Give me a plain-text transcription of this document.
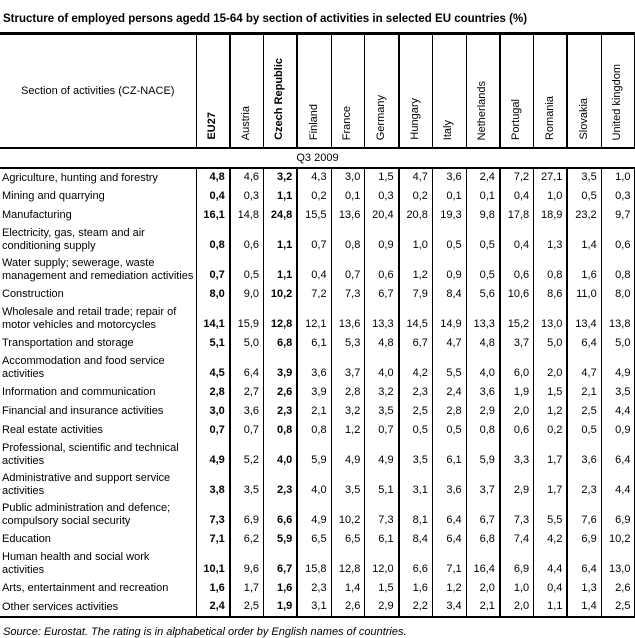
Structure of employed persons agedd 15-64 by section of activities in selected EU countries (%)
Section of activities (CZ-NACE)	EU27	Austria	Czech Republic	Finland	France	Germany	Hungary	Italy	Netherlands	Portugal	Romania	Slovakia	United kingdom
Q3 2009													
Agriculture, hunting and forestry	4,8	4,6	3,2	4,3	3,0	1,5	4,7	3,6	2,4	7,2	27,1	3,5	1,0
Mining and quarrying	0,4	0,3	1,1	0,2	0,1	0,3	0,2	0,1	0,1	0,4	1,0	0,5	0,3
Manufacturing	16,1	14,8	24,8	15,5	13,6	20,4	20,8	19,3	9,8	17,8	18,9	23,2	9,7
Electricity, gas, steam and air conditioning supply	0,8	0,6	1,1	0,7	0,8	0,9	1,0	0,5	0,5	0,4	1,3	1,4	0,6
Water supply; sewerage, waste management and remediation activities	0,7	0,5	1,1	0,4	0,7	0,6	1,2	0,9	0,5	0,6	0,8	1,6	0,8
Construction	8,0	9,0	10,2	7,2	7,3	6,7	7,9	8,4	5,6	10,6	8,6	11,0	8,0
Wholesale and retail trade; repair of motor vehicles and motorcycles	14,1	15,9	12,8	12,1	13,6	13,3	14,5	14,9	13,3	15,2	13,0	13,4	13,8
Transportation and storage	5,1	5,0	6,8	6,1	5,3	4,8	6,7	4,7	4,8	3,7	5,0	6,4	5,0
Accommodation and food service activities	4,5	6,4	3,9	3,6	3,7	4,0	4,2	5,5	4,0	6,0	2,0	4,7	4,9
Information and communication	2,8	2,7	2,6	3,9	2,8	3,2	2,3	2,4	3,6	1,9	1,5	2,1	3,5
Financial and insurance activities	3,0	3,6	2,3	2,1	3,2	3,5	2,5	2,8	2,9	2,0	1,2	2,5	4,4
Real estate activities	0,7	0,7	0,8	0,8	1,2	0,7	0,5	0,5	0,8	0,6	0,2	0,5	0,9
Professional, scientific and technical activities	4,9	5,2	4,0	5,9	4,9	4,9	3,5	6,1	5,9	3,3	1,7	3,6	6,4
Administrative and support service activities	3,8	3,5	2,3	4,0	3,5	5,1	3,1	3,6	3,7	2,9	1,7	2,3	4,4
Public administration and defence; compulsory social security	7,3	6,9	6,6	4,9	10,2	7,3	8,1	6,4	6,7	7,3	5,5	7,6	6,9
Education	7,1	6,2	5,9	6,5	6,5	6,1	8,4	6,4	6,8	7,4	4,2	6,9	10,2
Human health and social work activities	10,1	9,6	6,7	15,8	12,8	12,0	6,6	7,1	16,4	6,9	4,4	6,4	13,0
Arts, entertainment and recreation	1,6	1,7	1,6	2,3	1,4	1,5	1,6	1,2	2,0	1,0	0,4	1,3	2,6
Other services activities	2,4	2,5	1,9	3,1	2,6	2,9	2,2	3,4	2,1	2,0	1,1	1,4	2,5
Source: Eurostat. The rating is in alphabetical order by English names of countries.
